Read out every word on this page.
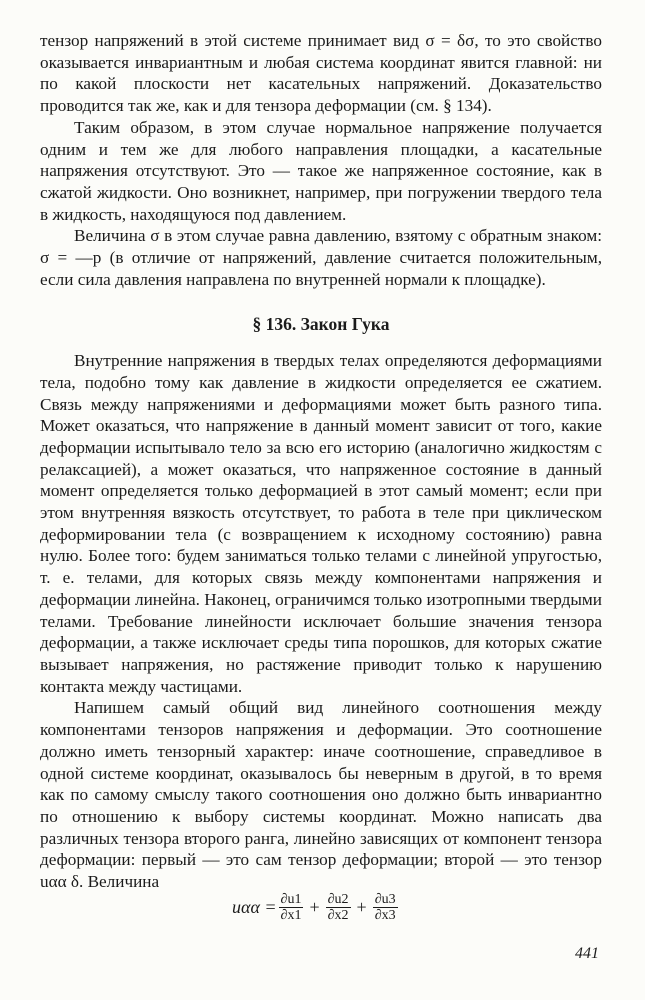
тензор напряжений в этой системе принимает вид σ = δσ, то это свойство оказывается инвариантным и любая система координат явится главной: ни по какой плоскости нет касательных напряжений. Доказательство проводится так же, как и для тензора деформации (см. § 134).

Таким образом, в этом случае нормальное напряжение получается одним и тем же для любого направления площадки, а касательные напряжения отсутствуют. Это — такое же напряженное состояние, как в сжатой жидкости. Оно возникнет, например, при погружении твердого тела в жидкость, находящуюся под давлением.

Величина σ в этом случае равна давлению, взятому с обратным знаком: σ = —p (в отличие от напряжений, давление считается положительным, если сила давления направлена по внутренней нормали к площадке).

§ 136. Закон Гука

Внутренние напряжения в твердых телах определяются деформациями тела, подобно тому как давление в жидкости определяется ее сжатием. Связь между напряжениями и деформациями может быть разного типа. Может оказаться, что напряжение в данный момент зависит от того, какие деформации испытывало тело за всю его историю (аналогично жидкостям с релаксацией), а может оказаться, что напряженное состояние в данный момент определяется только деформацией в этот самый момент; если при этом внутренняя вязкость отсутствует, то работа в теле при циклическом деформировании тела (с возвращением к исходному состоянию) равна нулю. Более того: будем заниматься только телами с линейной упругостью, т. е. телами, для которых связь между компонентами напряжения и деформации линейна. Наконец, ограничимся только изотропными твердыми телами. Требование линейности исключает большие значения тензора деформации, а также исключает среды типа порошков, для которых сжатие вызывает напряжения, но растяжение приводит только к нарушению контакта между частицами.

Напишем самый общий вид линейного соотношения между компонентами тензоров напряжения и деформации. Это соотношение должно иметь тензорный характер: иначе соотношение, справедливое в одной системе координат, оказывалось бы неверным в другой, в то время как по самому смыслу такого соотношения оно должно быть инвариантно по отношению к выбору системы координат. Можно написать два различных тензора второго ранга, линейно зависящих от компонент тензора деформации: первый — это сам тензор деформации; второй — это тензор uαα δ. Величина

$u\alpha\alpha = \frac{\partial u1}{\partial x1} + \frac{\partial u2}{\partial x2} + \frac{\partial u3}{\partial x3}$
441
